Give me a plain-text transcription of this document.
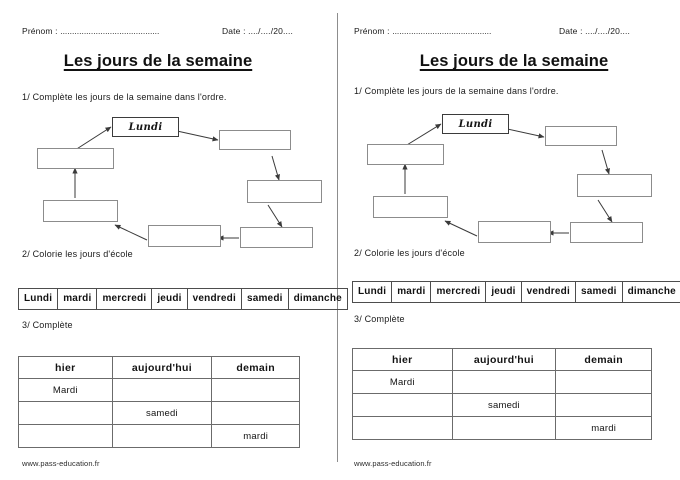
Prénom : ..........................................	Date : ..../..../20....
Les jours de la semaine
1/ Complète les jours de la semaine dans l'ordre.
Lundi
2/ Colorie les jours d'école
Lundi	mardi	mercredi	jeudi	vendredi	samedi	dimanche
3/ Complète
hier	aujourd'hui	demain
Mardi		
	samedi	
		mardi
www.pass-education.fr
Prénom : ..........................................	Date : ..../..../20....
Les jours de la semaine
1/ Complète les jours de la semaine dans l'ordre.
Lundi
2/ Colorie les jours d'école
Lundi	mardi	mercredi	jeudi	vendredi	samedi	dimanche
3/ Complète
hier	aujourd'hui	demain
Mardi		
	samedi	
		mardi
www.pass-education.fr
